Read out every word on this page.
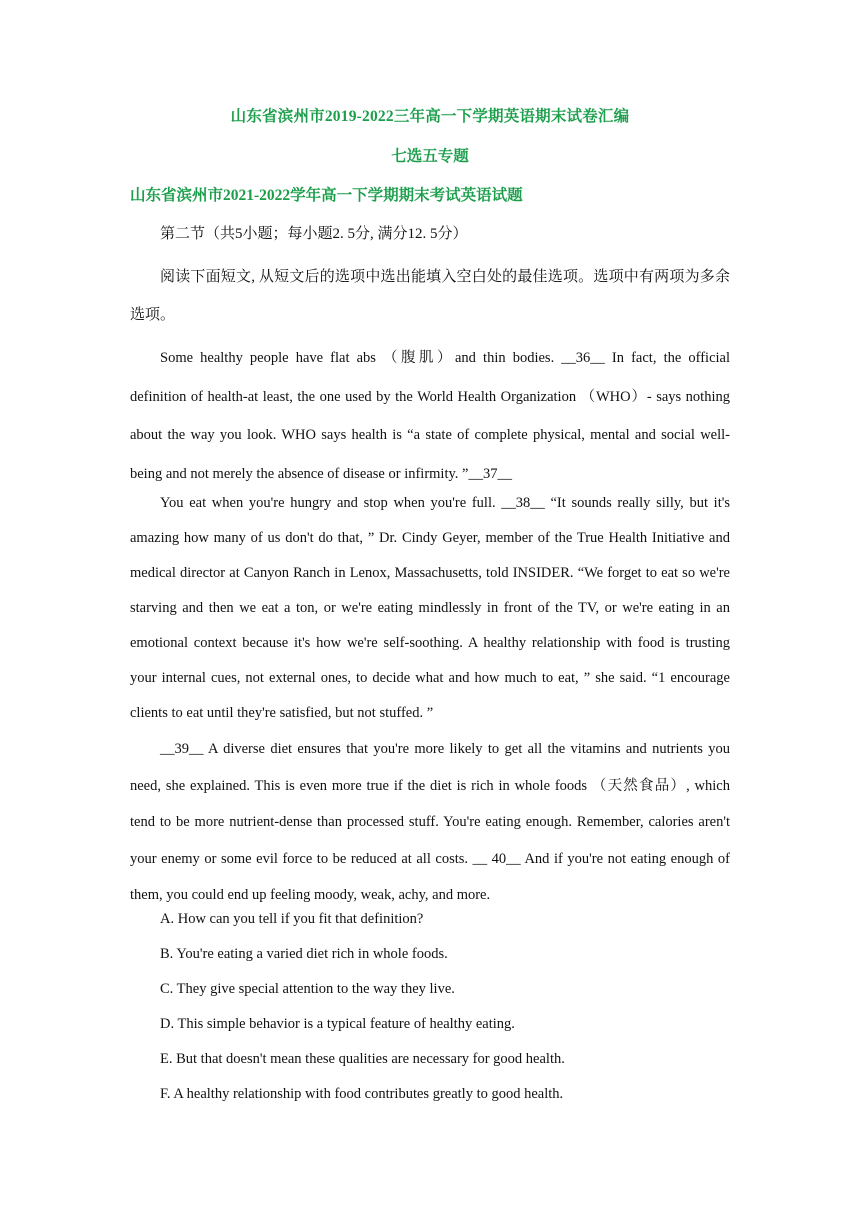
山东省滨州市2019-2022三年高一下学期英语期末试卷汇编
七选五专题
山东省滨州市2021-2022学年高一下学期期末考试英语试题
第二节（共5小题；每小题2. 5分, 满分12. 5分）

阅读下面短文, 从短文后的选项中选出能填入空白处的最佳选项。选项中有两项为多余选项。

Some healthy people have flat abs （腹肌）and thin bodies. __36__ In fact, the official definition of health-at least, the one used by the World Health Organization （WHO）- says nothing about the way you look. WHO says health is “a state of complete physical, mental and social well-being and not merely the absence of disease or infirmity. ”__37__

You eat when you're hungry and stop when you're full. __38__ “It sounds really silly, but it's amazing how many of us don't do that, ” Dr. Cindy Geyer, member of the True Health Initiative and medical director at Canyon Ranch in Lenox, Massachusetts, told INSIDER. “We forget to eat so we're starving and then we eat a ton, or we're eating mindlessly in front of the TV, or we're eating in an emotional context because it's how we're self-soothing. A healthy relationship with food is trusting your internal cues, not external ones, to decide what and how much to eat, ” she said. “1 encourage clients to eat until they're satisfied, but not stuffed. ”

__39__ A diverse diet ensures that you're more likely to get all the vitamins and nutrients you need, she explained. This is even more true if the diet is rich in whole foods （天然食品）, which tend to be more nutrient-dense than processed stuff. You're eating enough. Remember, calories aren't your enemy or some evil force to be reduced at all costs. __ 40__ And if you're not eating enough of them, you could end up feeling moody, weak, achy, and more.

A. How can you tell if you fit that definition?
B. You're eating a varied diet rich in whole foods.
C. They give special attention to the way they live.
D. This simple behavior is a typical feature of healthy eating.
E. But that doesn't mean these qualities are necessary for good health.
F. A healthy relationship with food contributes greatly to good health.
